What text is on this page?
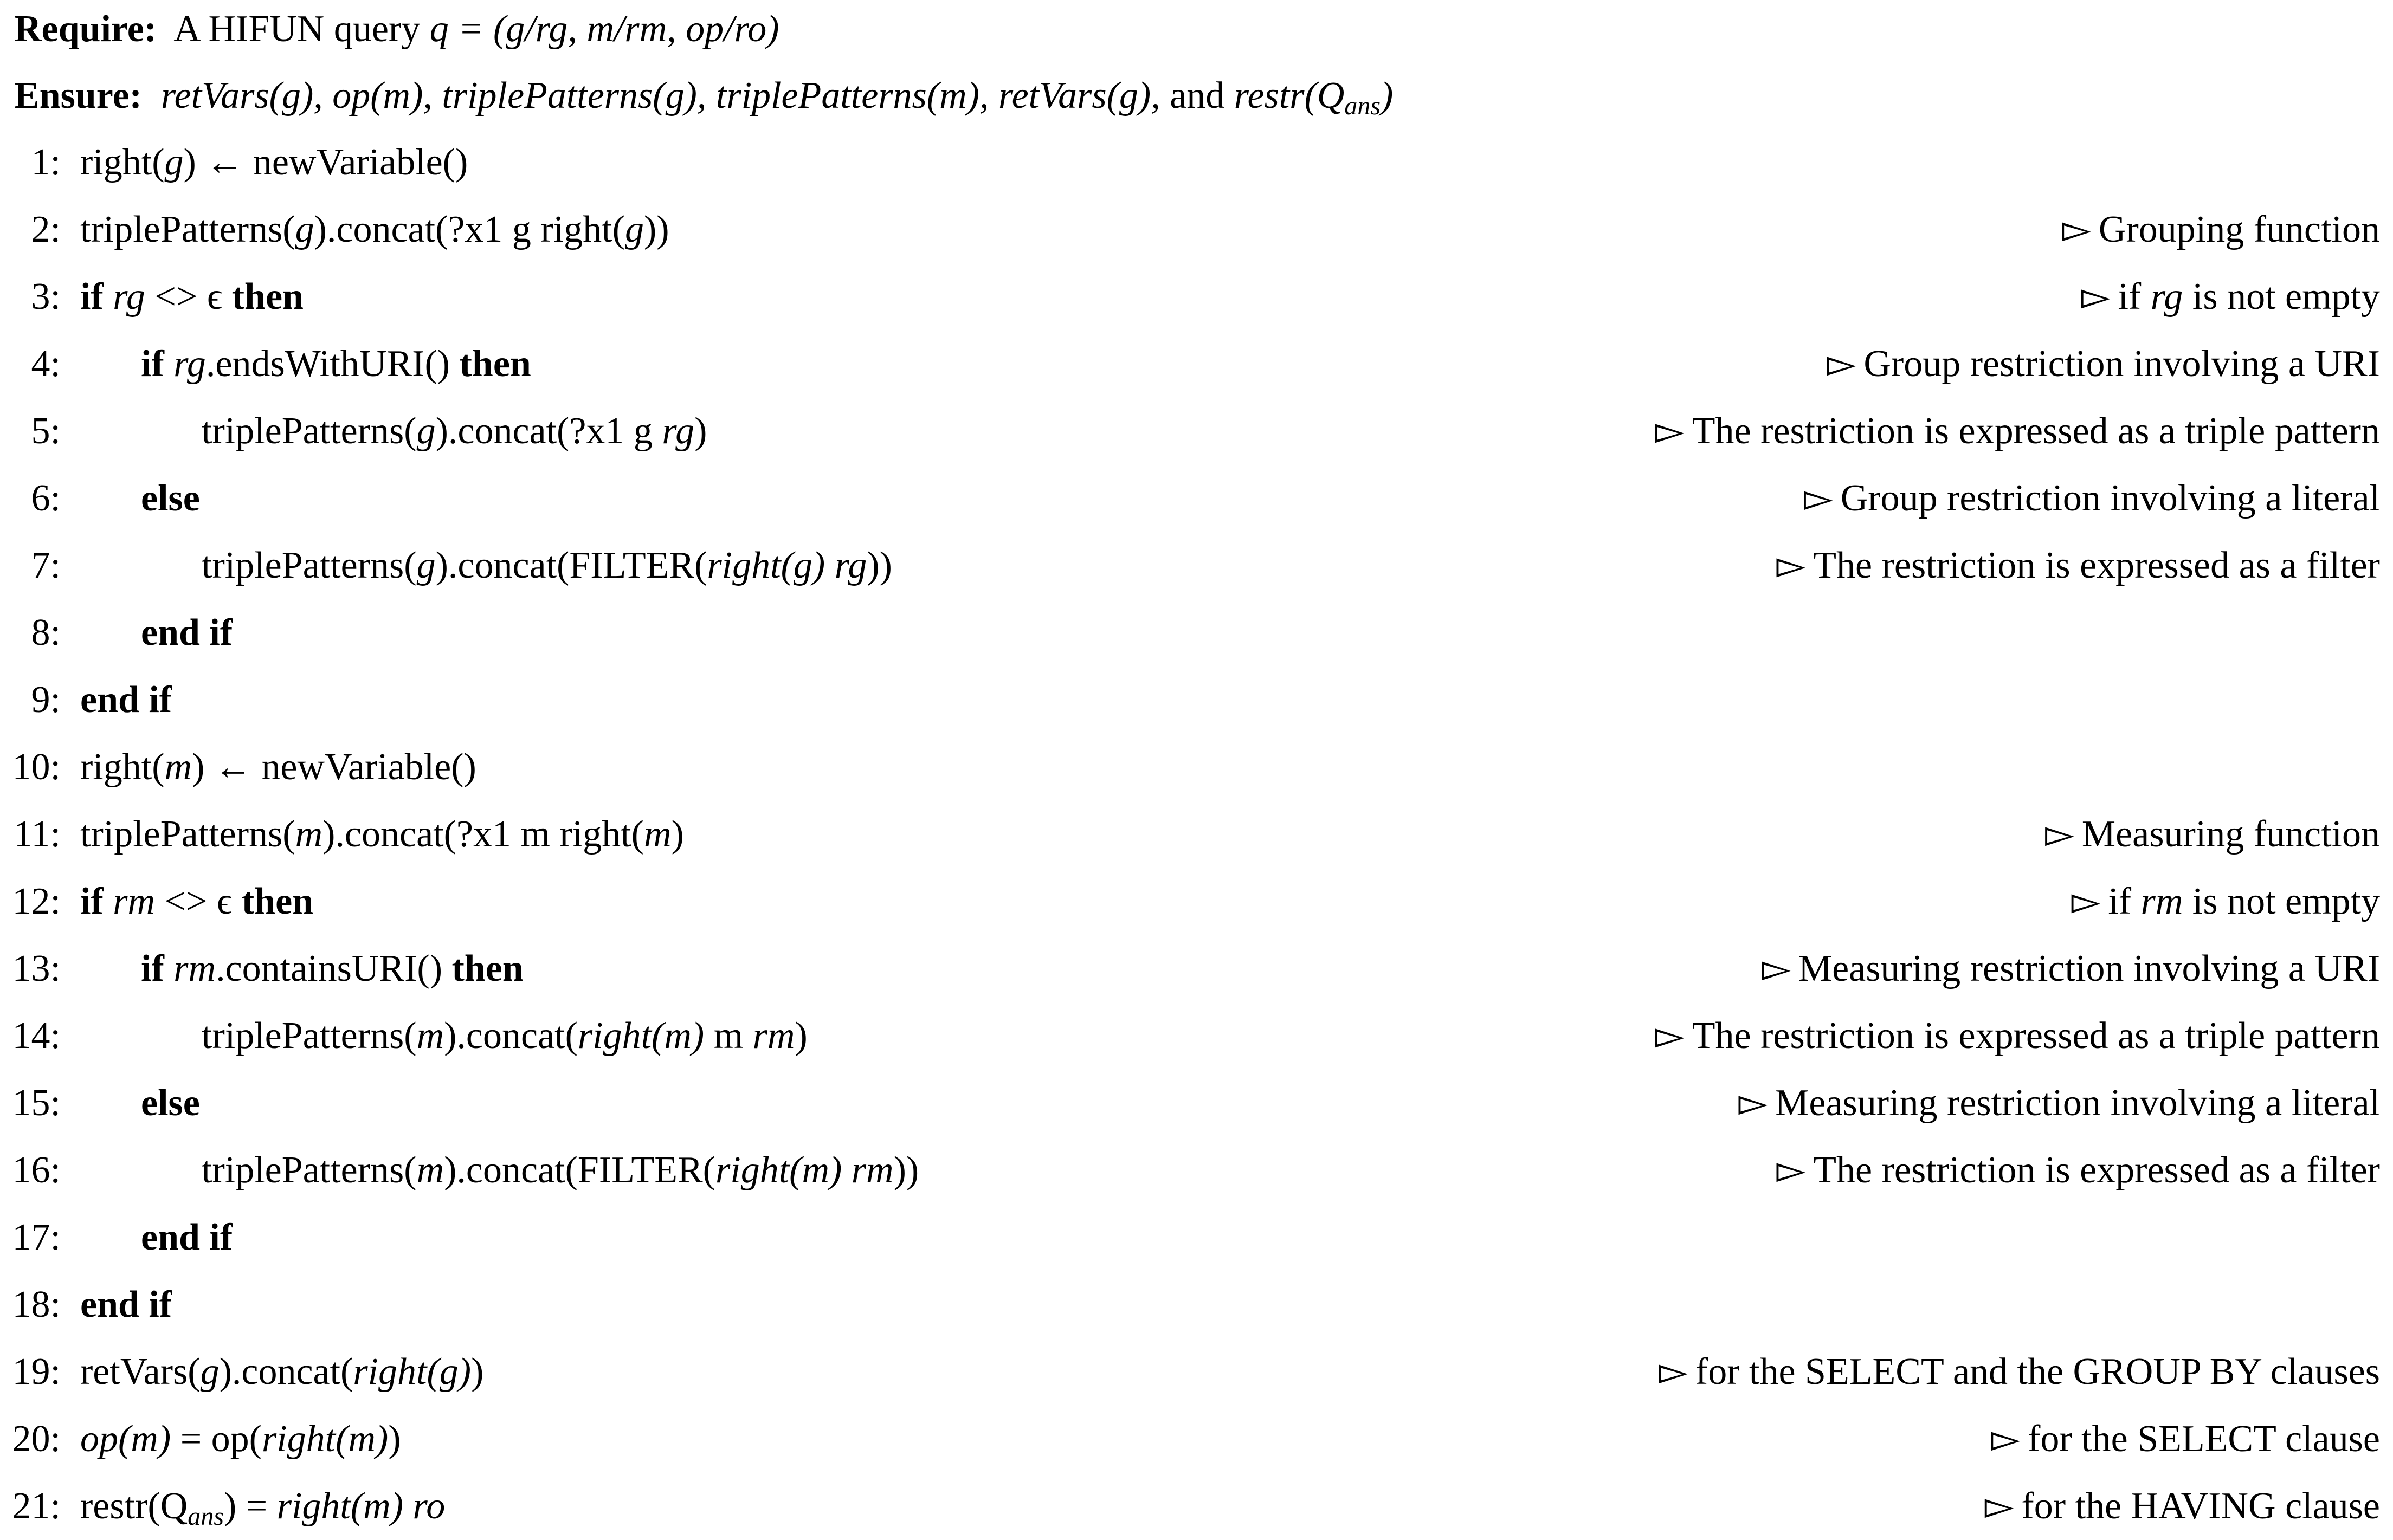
Require: A HIFUN query q = (g/rg, m/rm, op/ro)
Ensure: retVars(g), op(m), triplePatterns(g), triplePatterns(m), retVars(g), and $restr(Q_{ans})$
1: right(g) ← newVariable()
2: triplePatterns(g).concat(?x1 g right(g))	▻ Grouping function
3: if rg <> ϵ then	▻ if rg is not empty
4: if rg.endsWithURI() then	▻ Group restriction involving a URI
5:	triplePatterns(g).concat(?x1 g rg)	▻ The restriction is expressed as a triple pattern
6: else	▻ Group restriction involving a literal
7:	triplePatterns(g).concat(FILTER(right(g) rg))	▻ The restriction is expressed as a filter
8: end if
9: end if
10: right(m) ← newVariable()
11: triplePatterns(m).concat(?x1 m right(m)	▻ Measuring function
12: if rm <> ϵ then	▻ if rm is not empty
13: if rm.containsURI() then	▻ Measuring restriction involving a URI
14:	triplePatterns(m).concat(right(m) m rm)	▻ The restriction is expressed as a triple pattern
15: else	▻ Measuring restriction involving a literal
16:	triplePatterns(m).concat(FILTER(right(m) rm))	▻ The restriction is expressed as a filter
17: end if
18: end if
19: retVars(g).concat(right(g))	▻ for the SELECT and the GROUP BY clauses
20: op(m) = op(right(m))	▻ for the SELECT clause
21: $restr(Q_{ans})$ = right(m) ro	▻ for the HAVING clause
